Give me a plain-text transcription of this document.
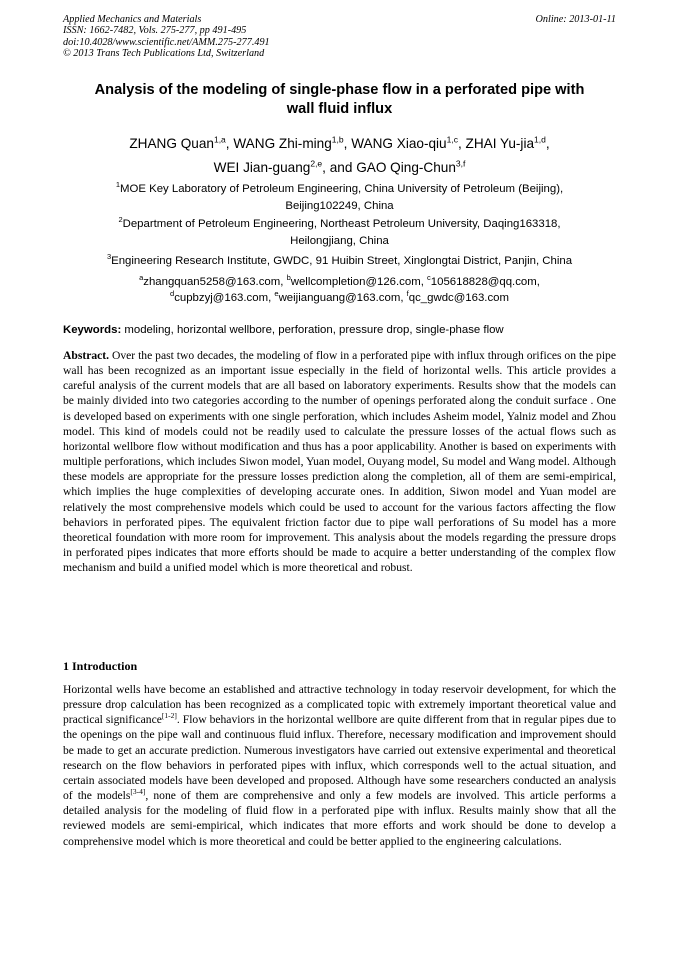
Applied Mechanics and Materials
ISSN: 1662-7482, Vols. 275-277, pp 491-495
doi:10.4028/www.scientific.net/AMM.275-277.491
© 2013 Trans Tech Publications Ltd, Switzerland
Online: 2013-01-11
Analysis of the modeling of single-phase flow in a perforated pipe with
wall fluid influx
ZHANG Quan$^{1,a}$, WANG Zhi-ming$^{1,b}$, WANG Xiao-qiu$^{1,c}$, ZHAI Yu-jia$^{1,d}$,
WEI Jian-guang$^{2,e}$, and GAO Qing-Chun$^{3,f}$
$^1$MOE Key Laboratory of Petroleum Engineering, China University of Petroleum (Beijing),
Beijing102249, China
$^2$Department of Petroleum Engineering, Northeast Petroleum University, Daqing163318,
Heilongjiang, China
$^3$Engineering Research Institute, GWDC, 91 Huibin Street, Xinglongtai District, Panjin, China
$^a$zhangquan5258@163.com, $^b$wellcompletion@126.com, $^c$105618828@qq.com,
$^d$cupbzyj@163.com, $^e$weijianguang@163.com, $^f$qc_gwdc@163.com
Keywords: modeling, horizontal wellbore, perforation, pressure drop, single-phase flow
Abstract. Over the past two decades, the modeling of flow in a perforated pipe with influx through orifices on the pipe wall has been recognized as an important issue especially in the field of horizontal wells. This article provides a careful analysis of the current models that are all based on laboratory experiments. Results show that the models can be mainly divided into two categories according to the number of openings perforated along the conduit surface . One is developed based on experiments with one single perforation, which includes Asheim model, Yalniz model and Zhou model. This kind of models could not be readily used to calculate the pressure losses of the actual flows such as horizontal wellbore flow without modification and thus has a poor applicability. Another is based on experiments with multiple perforations, which includes Siwon model, Yuan model, Ouyang model, Su model and Wang model. Although these models are appropriate for the pressure losses prediction along the completion, all of them are semi-empirical, which implies the huge complexities of developing accurate ones. In addition, Siwon model and Yuan model are relatively the most comprehensive models which could be used to account for the various factors affecting the flow behaviors in perforated pipes. The equivalent friction factor due to pipe wall perforations of Su model has a more theoretical foundation with more room for improvement. This analysis about the models regarding the pressure drops in perforated pipes indicates that more efforts should be made to acquire a better understanding of the complex flow mechanism and build a unified model which is more theoretical and robust.
1 Introduction
Horizontal wells have become an established and attractive technology in today reservoir development, for which the pressure drop calculation has been recognized as a complicated topic with extremely important theoretical value and practical significance[1-2]. Flow behaviors in the horizontal wellbore are quite different from that in regular pipes due to the openings on the pipe wall and continuous fluid influx. Therefore, necessary modification and improvement should be made to get an accurate prediction. Numerous investigators have carried out extensive experimental and theoretical research on the flow behaviors in perforated pipes with influx, which corresponds well to the actual situation, and certain associated models have been developed and proposed. Although have some researchers conducted an analysis of the models[3-4], none of them are comprehensive and only a few models are involved. This article performs a detailed analysis for the modeling of fluid flow in a perforated pipe with influx. Results mainly show that all the reviewed models are semi-empirical, which indicates that more efforts and work should be done to develop a comprehensive model which is more theoretical and could be better applied to the engineering calculations.
